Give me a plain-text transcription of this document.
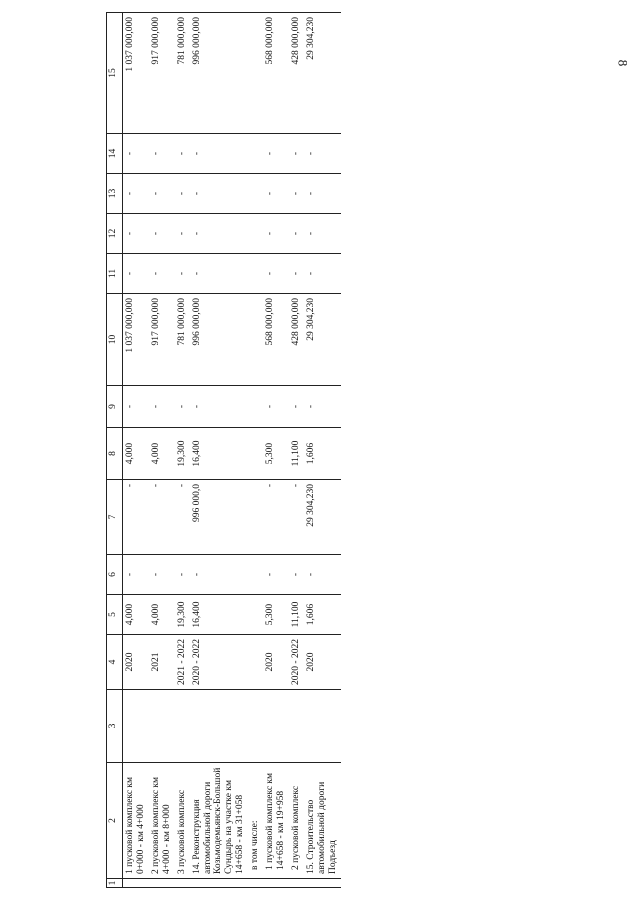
8
1	2	3	4	5	6	7	8	9	10	11	12	13	14	15
	1 пусковой комплекс км 0+000 - км 4+000		2020	4,000	-	-	4,000	-	1 037 000,000	-	-	-	-	1 037 000,000
	2 пусковой комплекс км 4+000 - км 8+000		2021	4,000	-	-	4,000	-	917 000,000	-	-	-	-	917 000,000
	3 пусковой комплекс		2021 - 2022	19,300	-	-	19,300	-	781 000,000	-	-	-	-	781 000,000
	14. Реконструкция автомобильной дороги Козьмодемьянск-Большой Сундырь на участке км 14+658 - км 31+058		2020 - 2022	16,400	-	996 000,0	16,400	-	996 000,000	-	-	-	-	996 000,000
	в том числе:													
	1 пусковой комплекс км 14+658 - км 19+958		2020	5,300	-	-	5,300	-	568 000,000	-	-	-	-	568 000,000
	2 пусковой комплекс		2020 - 2022	11,100	-	-	11,100	-	428 000,000	-	-	-	-	428 000,000
	15. Строительство автомобильной дороги Подъезд		2020	1,606	-	29 304,230	1,606	-	29 304,230	-	-	-	-	29 304,230
